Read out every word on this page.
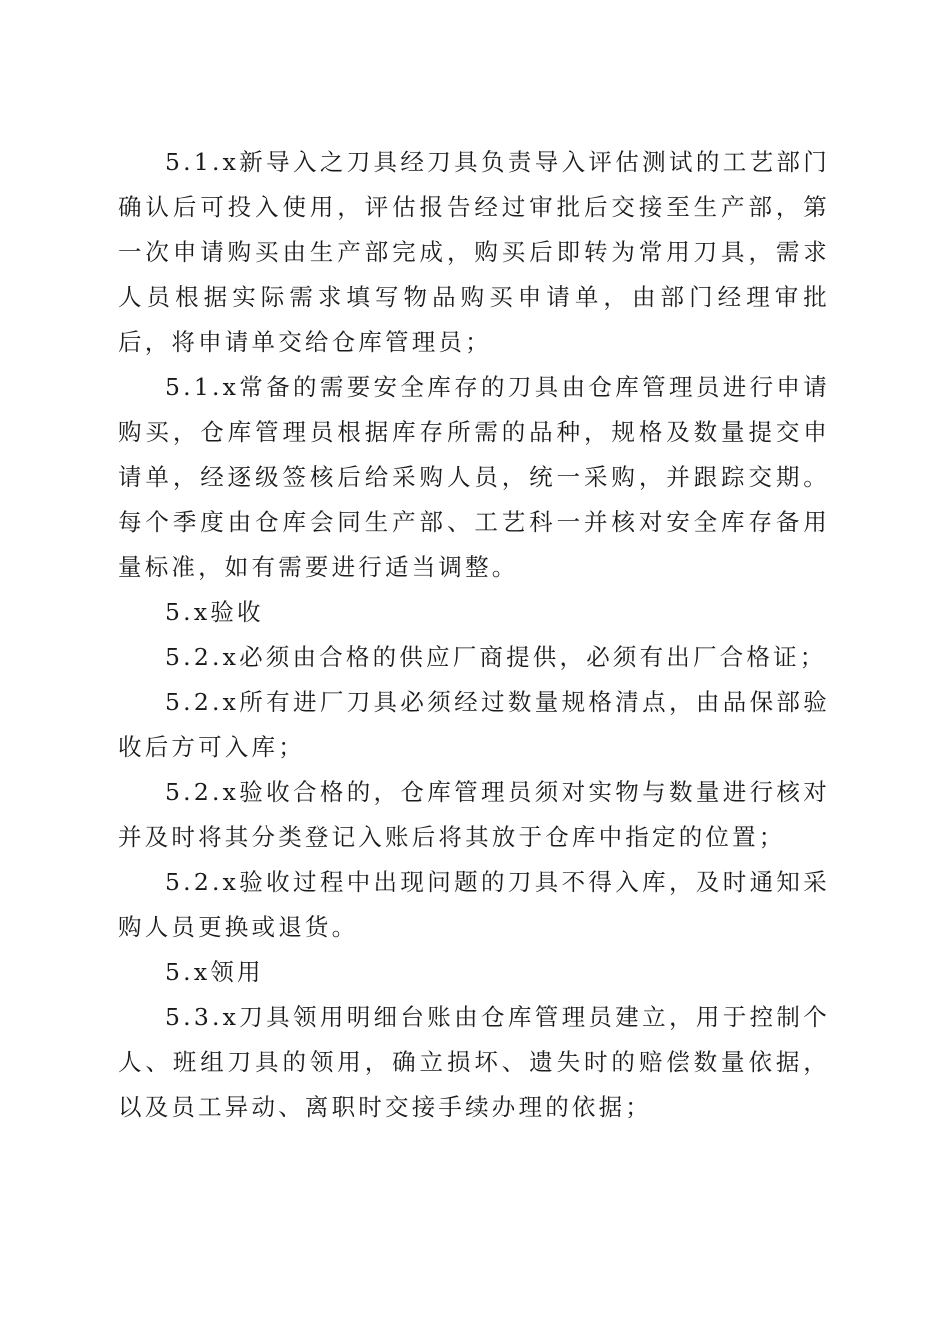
5.1.x新导入之刀具经刀具负责导入评估测试的工艺部门确认后可投入使用，评估报告经过审批后交接至生产部，第一次申请购买由生产部完成，购买后即转为常用刀具，需求人员根据实际需求填写物品购买申请单，由部门经理审批后，将申请单交给仓库管理员；

5.1.x常备的需要安全库存的刀具由仓库管理员进行申请购买，仓库管理员根据库存所需的品种，规格及数量提交申请单，经逐级签核后给采购人员，统一采购，并跟踪交期。每个季度由仓库会同生产部、工艺科一并核对安全库存备用量标准，如有需要进行适当调整。

5.x验收

5.2.x必须由合格的供应厂商提供，必须有出厂合格证；

5.2.x所有进厂刀具必须经过数量规格清点，由品保部验收后方可入库；

5.2.x验收合格的，仓库管理员须对实物与数量进行核对并及时将其分类登记入账后将其放于仓库中指定的位置；

5.2.x验收过程中出现问题的刀具不得入库，及时通知采购人员更换或退货。

5.x领用

5.3.x刀具领用明细台账由仓库管理员建立，用于控制个人、班组刀具的领用，确立损坏、遗失时的赔偿数量依据，以及员工异动、离职时交接手续办理的依据；
